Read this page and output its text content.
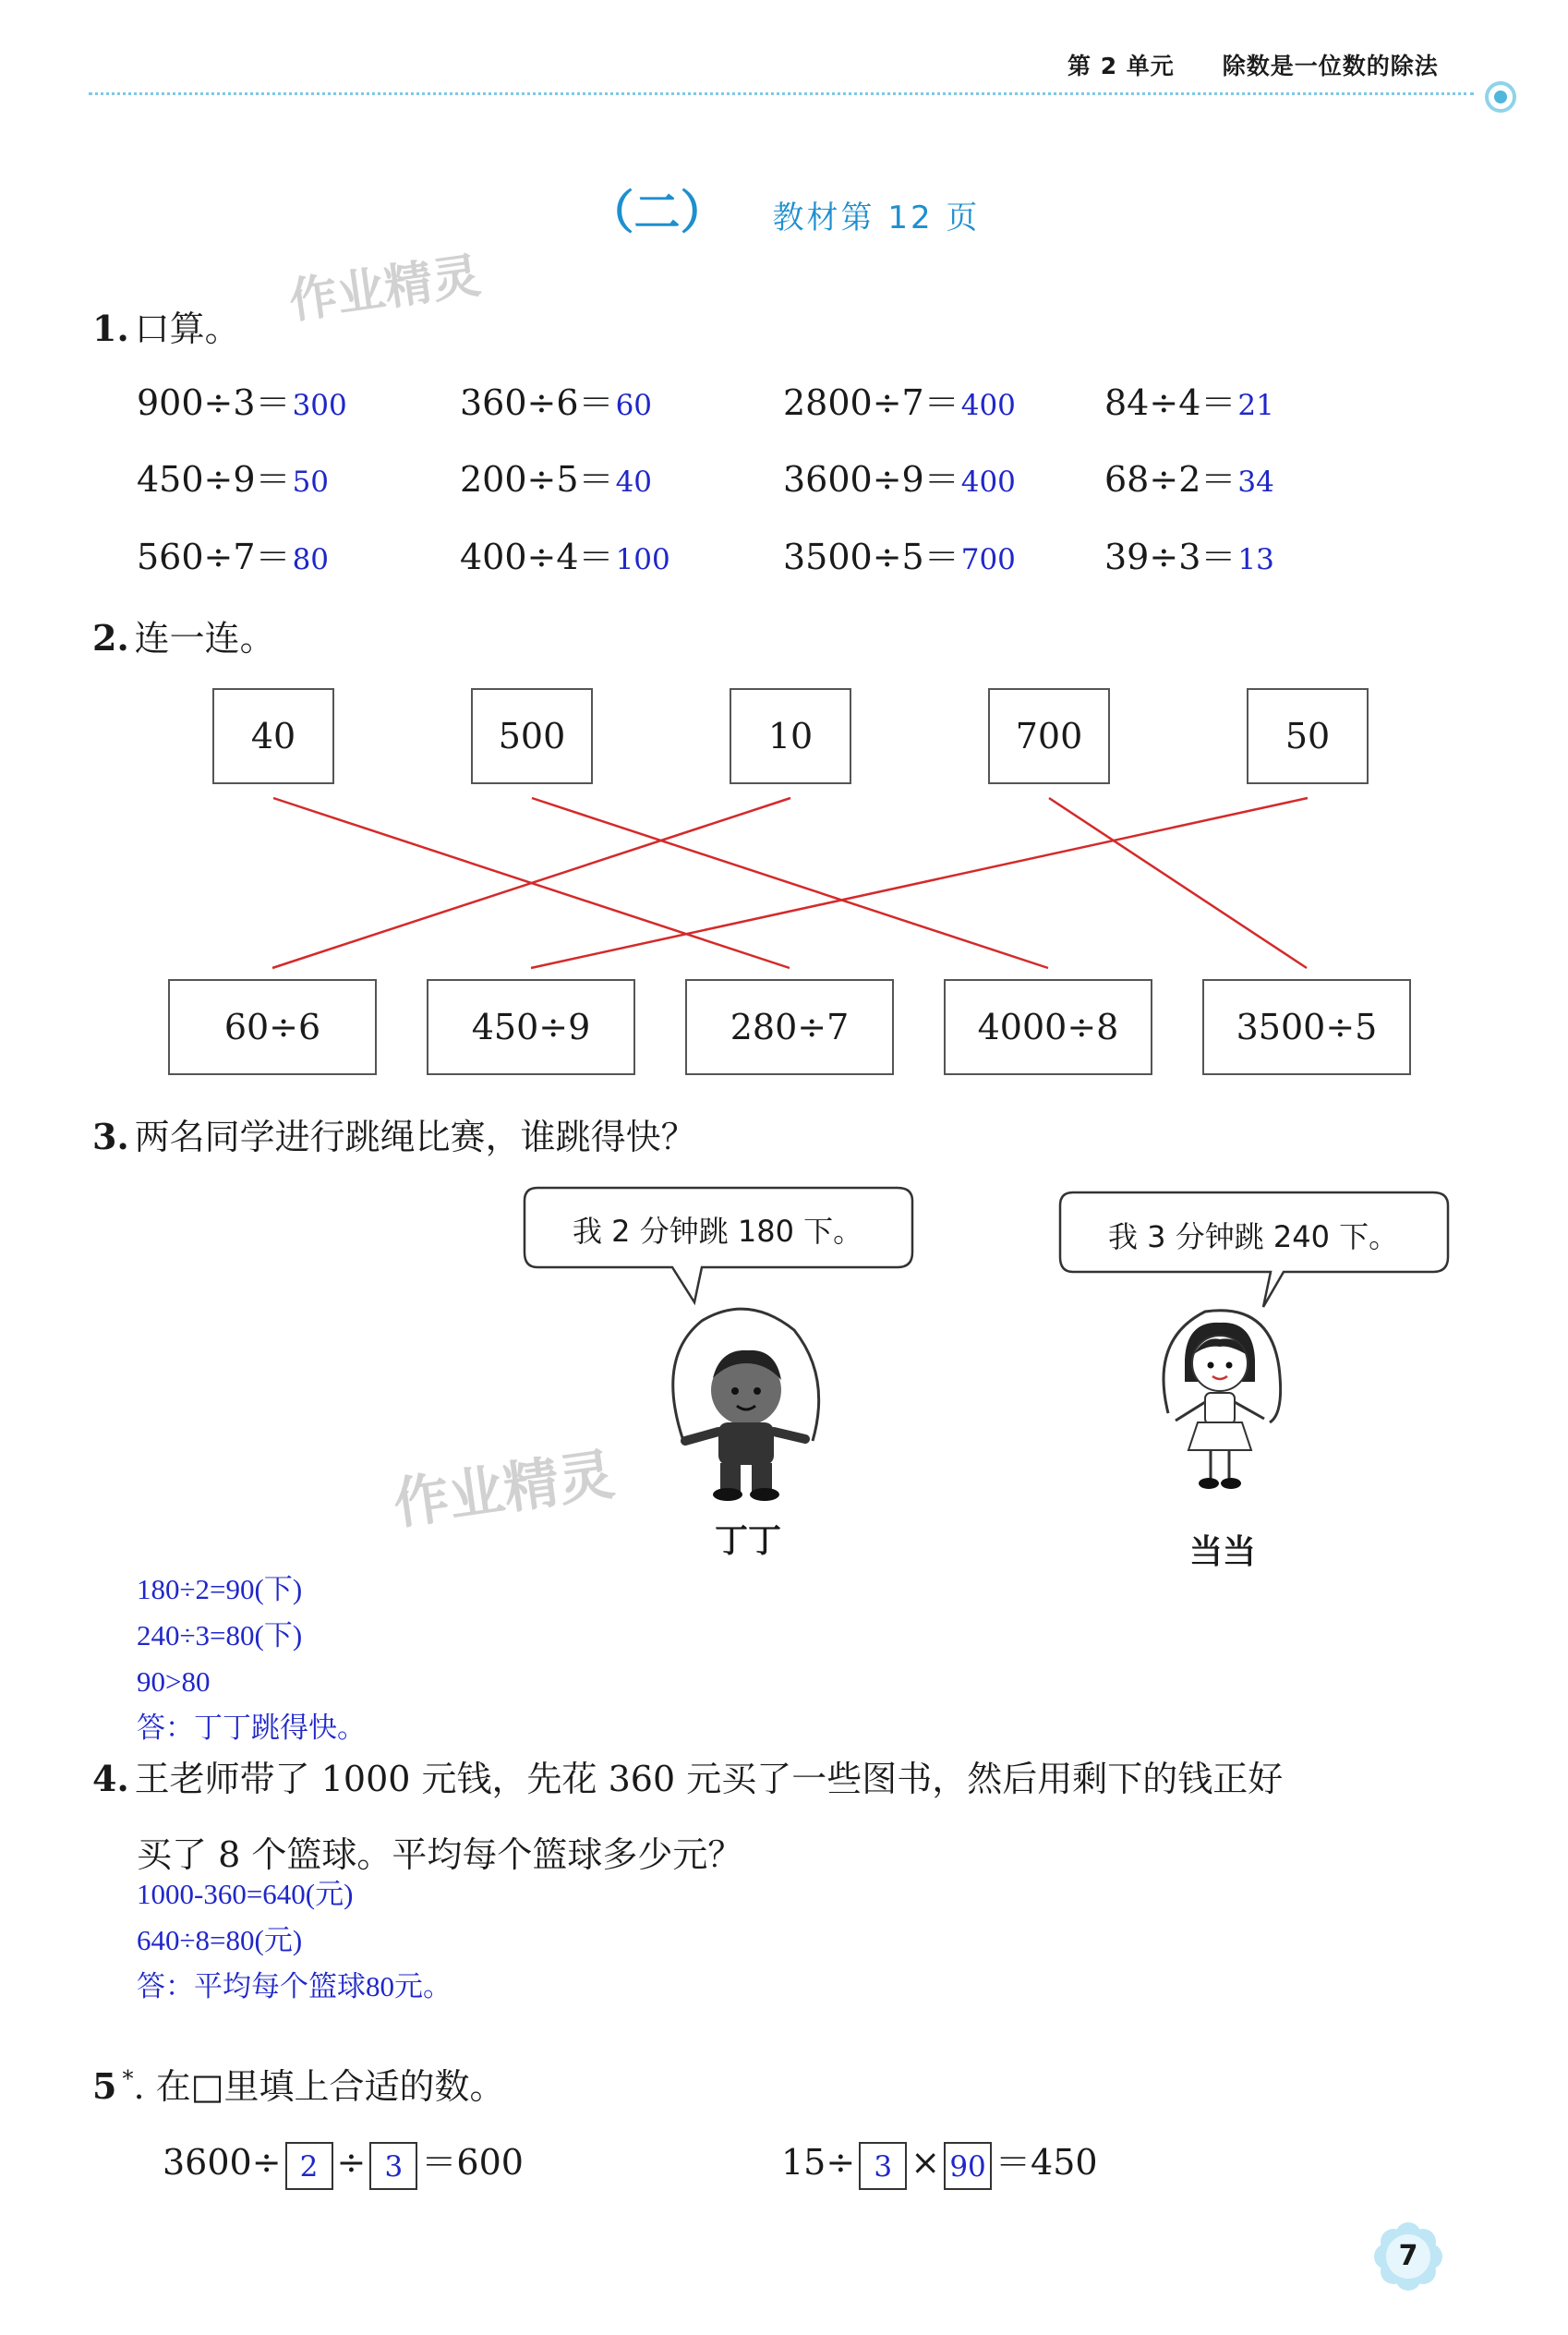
第 2 单元　　除数是一位数的除法
（二） 教材第 12 页
作业精灵
作业精灵
1. 口算。
900÷3＝300	360÷6＝60	2800÷7＝400	84÷4＝21
450÷9＝50	200÷5＝40	3600÷9＝400	68÷2＝34
560÷7＝80	400÷4＝100	3500÷5＝700	39÷3＝13
2. 连一连。
40	500	10	700	50
60÷6	450÷9	280÷7	4000÷8	3500÷5
3. 两名同学进行跳绳比赛，谁跳得快？
我 2 分钟跳 180 下。	我 3 分钟跳 240 下。
丁丁	当当
180÷2=90(下)
240÷3=80(下)
90>80
答：丁丁跳得快。
4. 王老师带了 1000 元钱，先花 360 元买了一些图书，然后用剩下的钱正好
买了 8 个篮球。平均每个篮球多少元？
1000-360=640(元)
640÷8=80(元)
答：平均每个篮球80元。
5 *. 在□里填上合适的数。
3600÷ 2 ÷ 3 ＝600	15÷ 3 × 90 ＝450
7
